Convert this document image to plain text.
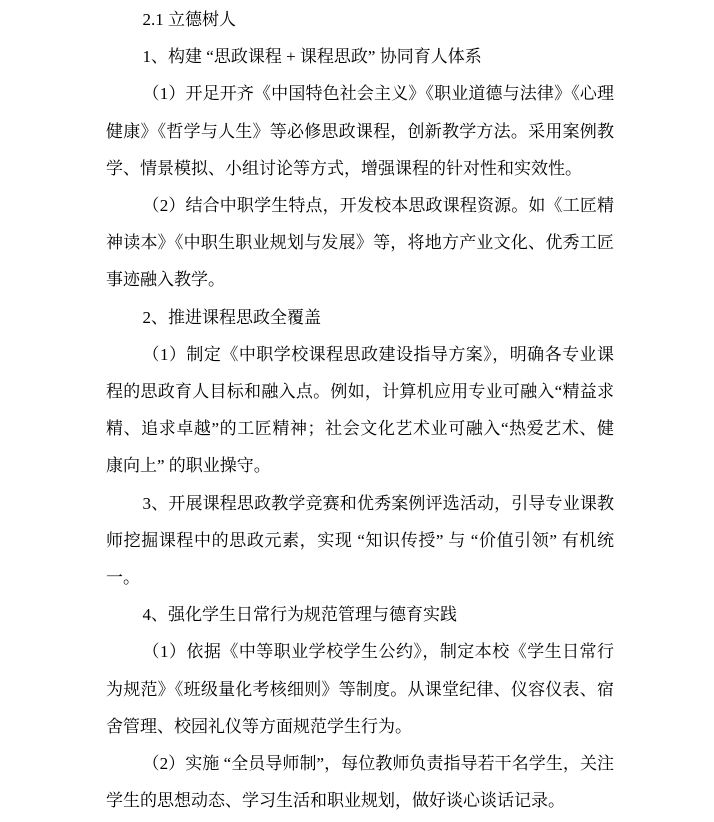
2.1 立德树人

1、构建 “思政课程 + 课程思政” 协同育人体系

（1）开足开齐《中国特色社会主义》《职业道德与法律》《心理健康》《哲学与人生》等必修思政课程，创新教学方法。采用案例教学、情景模拟、小组讨论等方式，增强课程的针对性和实效性。

（2）结合中职学生特点，开发校本思政课程资源。如《工匠精神读本》《中职生职业规划与发展》等，将地方产业文化、优秀工匠事迹融入教学。

2、推进课程思政全覆盖

（1）制定《中职学校课程思政建设指导方案》，明确各专业课程的思政育人目标和融入点。例如，计算机应用专业可融入“精益求精、追求卓越”的工匠精神；社会文化艺术业可融入“热爱艺术、健康向上” 的职业操守。

3、开展课程思政教学竞赛和优秀案例评选活动，引导专业课教师挖掘课程中的思政元素，实现 “知识传授” 与 “价值引领” 有机统一。

4、强化学生日常行为规范管理与德育实践

（1）依据《中等职业学校学生公约》，制定本校《学生日常行为规范》《班级量化考核细则》等制度。从课堂纪律、仪容仪表、宿舍管理、校园礼仪等方面规范学生行为。

（2）实施 “全员导师制”，每位教师负责指导若干名学生，关注学生的思想动态、学习生活和职业规划，做好谈心谈话记录。
